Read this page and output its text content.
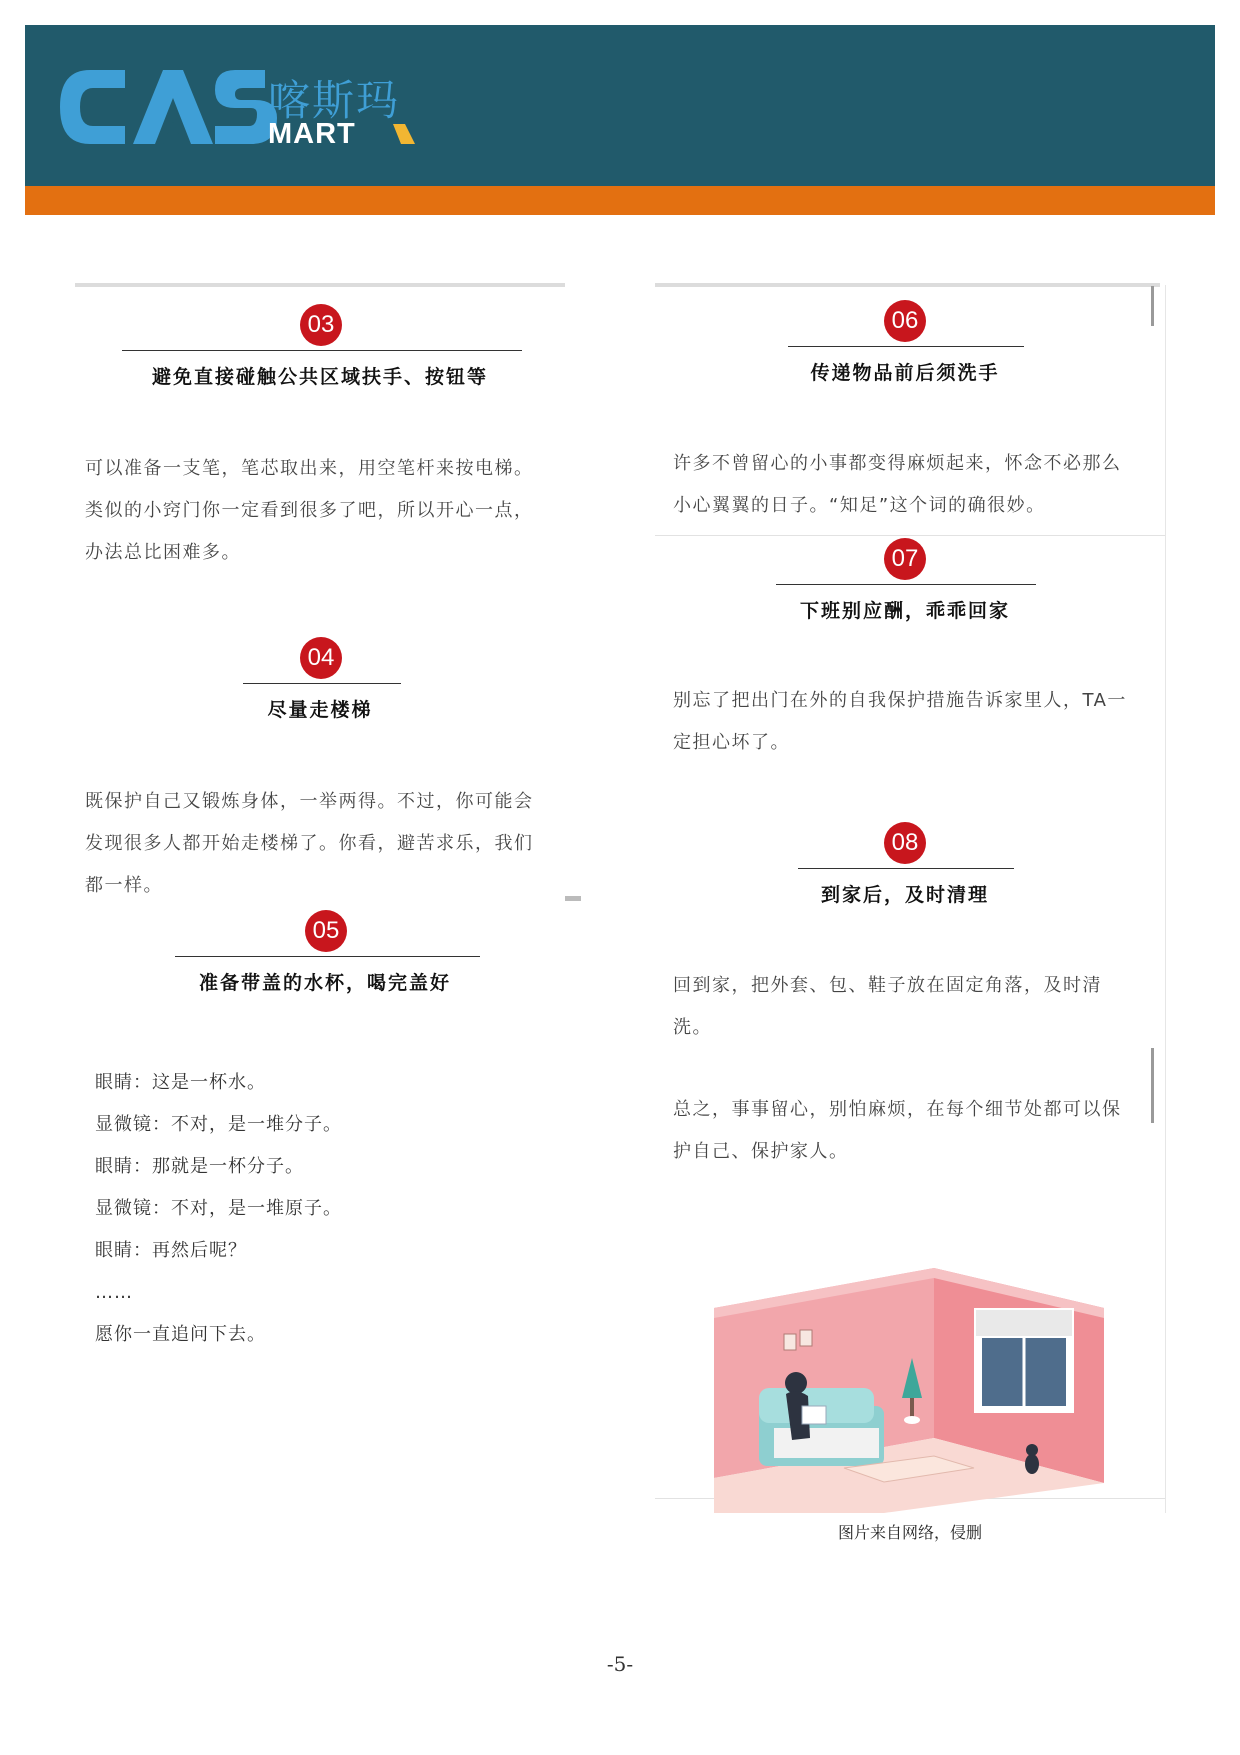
喀斯玛
MART
03
避免直接碰触公共区域扶手、按钮等

可以准备一支笔，笔芯取出来，用空笔杆来按电梯。

类似的小窍门你一定看到很多了吧，所以开心一点，

办法总比困难多。

04
尽量走楼梯

既保护自己又锻炼身体，一举两得。不过，你可能会

发现很多人都开始走楼梯了。你看，避苦求乐，我们

都一样。

05
准备带盖的水杯，喝完盖好
眼睛：这是一杯水。
显微镜：不对，是一堆分子。
眼睛：那就是一杯分子。
显微镜：不对，是一堆原子。
眼睛：再然后呢？
……
愿你一直追问下去。
06
传递物品前后须洗手

许多不曾留心的小事都变得麻烦起来，怀念不必那么

小心翼翼的日子。“知足”这个词的确很妙。

07
下班别应酬，乖乖回家

别忘了把出门在外的自我保护措施告诉家里人，TA一

定担心坏了。

08
到家后，及时清理

回到家，把外套、包、鞋子放在固定角落，及时清

洗。

总之，事事留心，别怕麻烦，在每个细节处都可以保

护自己、保护家人。

图片来自网络，侵删
-5-
